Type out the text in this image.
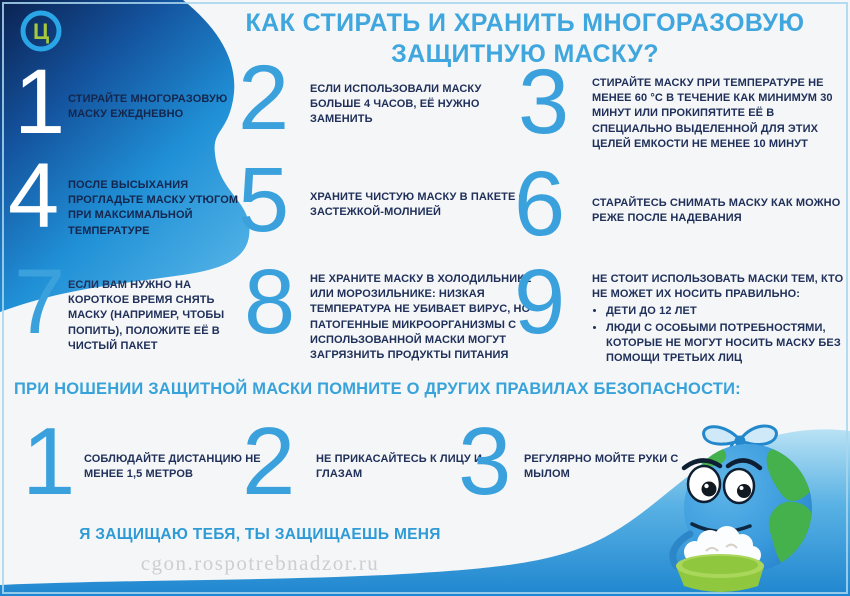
Ц	КАК СТИРАТЬ И ХРАНИТЬ МНОГОРАЗОВУЮ ЗАЩИТНУЮ МАСКУ?
1 СТИРАЙТЕ МНОГОРАЗОВУЮ МАСКУ ЕЖЕДНЕВНО 2 ЕСЛИ ИСПОЛЬЗОВАЛИ МАСКУ БОЛЬШЕ 4 ЧАСОВ, ЕЁ НУЖНО ЗАМЕНИТЬ	3 СТИРАЙТЕ МАСКУ ПРИ ТЕМПЕРАТУРЕ НЕ МЕНЕЕ 60 °С В ТЕЧЕНИЕ КАК МИНИМУМ 30 МИНУТ ИЛИ ПРОКИПЯТИТЕ ЕЁ В СПЕЦИАЛЬНО ВЫДЕЛЕННОЙ ДЛЯ ЭТИХ ЦЕЛЕЙ ЕМКОСТИ НЕ МЕНЕЕ 10 МИНУТ
4 ПОСЛЕ ВЫСЫХАНИЯ ПРОГЛАДЬТЕ МАСКУ УТЮГОМ ПРИ МАКСИМАЛЬНОЙ ТЕМПЕРАТУРЕ 5 ХРАНИТЕ ЧИСТУЮ МАСКУ В ПАКЕТЕ С ЗАСТЕЖКОЙ-МОЛНИЕЙ 6	СТАРАЙТЕСЬ СНИМАТЬ МАСКУ КАК МОЖНО РЕЖЕ ПОСЛЕ НАДЕВАНИЯ
7 ЕСЛИ ВАМ НУЖНО НА КОРОТКОЕ ВРЕМЯ СНЯТЬ МАСКУ (НАПРИМЕР, ЧТОБЫ ПОПИТЬ), ПОЛОЖИТЕ ЕЁ В ЧИСТЫЙ ПАКЕТ 8 НЕ ХРАНИТЕ МАСКУ В ХОЛОДИЛЬНИКЕ ИЛИ МОРОЗИЛЬНИКЕ: НИЗКАЯ ТЕМПЕРАТУРА НЕ УБИВАЕТ ВИРУС, НО ПАТОГЕННЫЕ МИКРООРГАНИЗМЫ С ИСПОЛЬЗОВАННОЙ МАСКИ МОГУТ ЗАГРЯЗНИТЬ ПРОДУКТЫ ПИТАНИЯ
9	НЕ СТОИТ ИСПОЛЬЗОВАТЬ МАСКИ ТЕМ, КТО НЕ МОЖЕТ ИХ НОСИТЬ ПРАВИЛЬНО:
• ДЕТИ ДО 12 ЛЕТ
• ЛЮДИ С ОСОБЫМИ ПОТРЕБНОСТЯМИ, КОТОРЫЕ НЕ МОГУТ НОСИТЬ МАСКУ БЕЗ ПОМОЩИ ТРЕТЬИХ ЛИЦ
ПРИ НОШЕНИИ ЗАЩИТНОЙ МАСКИ ПОМНИТЕ О ДРУГИХ ПРАВИЛАХ БЕЗОПАСНОСТИ:
1 СОБЛЮДАЙТЕ ДИСТАНЦИЮ НЕ МЕНЕЕ 1,5 МЕТРОВ 2 НЕ ПРИКАСАЙТЕСЬ К ЛИЦУ И ГЛАЗАМ 3 РЕГУЛЯРНО МОЙТЕ РУКИ С МЫЛОМ
Я ЗАЩИЩАЮ ТЕБЯ, ТЫ ЗАЩИЩАЕШЬ МЕНЯ
cgon.rospotrebnadzor.ru
